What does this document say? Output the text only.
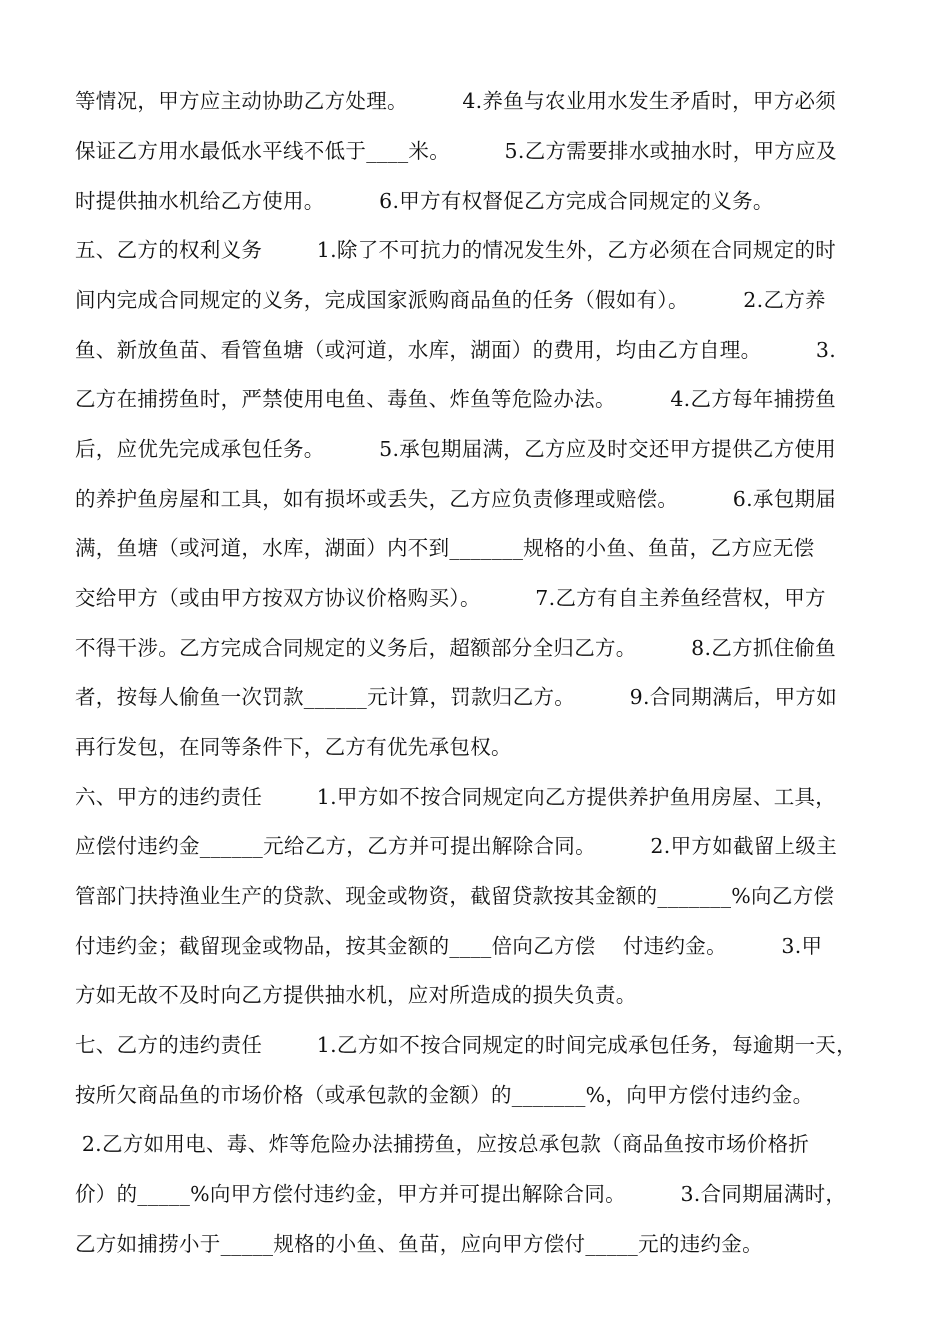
等情况，甲方应主动协助乙方处理。        4.养鱼与农业用水发生矛盾时，甲方必须
保证乙方用水最低水平线不低于____米。        5.乙方需要排水或抽水时，甲方应及
时提供抽水机给乙方使用。        6.甲方有权督促乙方完成合同规定的义务。
五、乙方的权利义务        1.除了不可抗力的情况发生外，乙方必须在合同规定的时
间内完成合同规定的义务，完成国家派购商品鱼的任务（假如有）。        2.乙方养
鱼、新放鱼苗、看管鱼塘（或河道，水库，湖面）的费用，均由乙方自理。        3.
乙方在捕捞鱼时，严禁使用电鱼、毒鱼、炸鱼等危险办法。        4.乙方每年捕捞鱼
后，应优先完成承包任务。        5.承包期届满，乙方应及时交还甲方提供乙方使用
的养护鱼房屋和工具，如有损坏或丢失，乙方应负责修理或赔偿。        6.承包期届
满，鱼塘（或河道，水库，湖面）内不到_______规格的小鱼、鱼苗，乙方应无偿
交给甲方（或由甲方按双方协议价格购买）。        7.乙方有自主养鱼经营权，甲方
不得干涉。乙方完成合同规定的义务后，超额部分全归乙方。        8.乙方抓住偷鱼
者，按每人偷鱼一次罚款______元计算，罚款归乙方。        9.合同期满后，甲方如
再行发包，在同等条件下，乙方有优先承包权。
六、甲方的违约责任        1.甲方如不按合同规定向乙方提供养护鱼用房屋、工具，
应偿付违约金______元给乙方，乙方并可提出解除合同。        2.甲方如截留上级主
管部门扶持渔业生产的贷款、现金或物资，截留贷款按其金额的_______%向乙方偿
付违约金；截留现金或物品，按其金额的____倍向乙方偿    付违约金。        3.甲
方如无故不及时向乙方提供抽水机，应对所造成的损失负责。
七、乙方的违约责任        1.乙方如不按合同规定的时间完成承包任务，每逾期一天，
按所欠商品鱼的市场价格（或承包款的金额）的_______%，向甲方偿付违约金。
2.乙方如用电、毒、炸等危险办法捕捞鱼，应按总承包款（商品鱼按市场价格折
价）的_____%向甲方偿付违约金，甲方并可提出解除合同。        3.合同期届满时，
乙方如捕捞小于_____规格的小鱼、鱼苗，应向甲方偿付_____元的违约金。
